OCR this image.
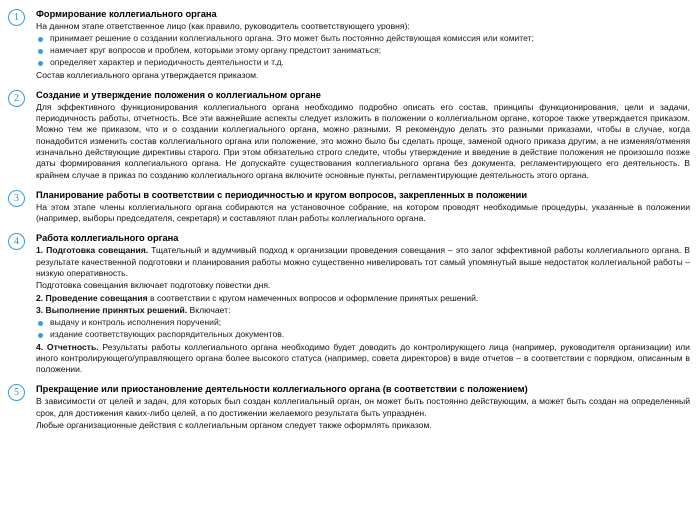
1	Формирование коллегиального органа

На данном этапе ответственное лицо (как правило, руководитель соответствующего уровня):

принимает решение о создании коллегиального органа. Это может быть постоянно действующая комиссия или комитет;
намечает круг вопросов и проблем, которыми этому органу предстоит заниматься;
определяет характер и периодичность деятельности и т.д.

Состав коллегиального органа утверждается приказом.

2	Создание и утверждение положения о коллегиальном органе

Для эффективного функционирования коллегиального органа необходимо подробно описать его состав, принципы функционирования, цели и задачи, периодичность работы, отчетность. Все эти важнейшие аспекты следует изложить в положении о коллегиальном органе, которое также утверждается приказом. Можно тем же приказом, что и о создании коллегиального органа, можно разными. Я рекомендую делать это разными приказами, чтобы в случае, когда понадобится изменить состав коллегиального органа или положение, это можно было бы сделать проще, заменой одного приказа другим, а не изменяя/отменяя изначально действующие директивы старого. При этом обязательно строго следите, чтобы утверждение и введение в действие положения не произошло позже даты формирования коллегиального органа. Не допускайте существования коллегиального органа без документа, регламентирующего его деятельность. В крайнем случае в приказ по созданию коллегиального органа включите основные пункты, регламентирующие деятельность этого органа.

3	Планирование работы в соответствии с периодичностью и кругом вопросов, закрепленных в положении

На этом этапе члены коллегиального органа собираются на установочное собрание, на котором проводят необходимые процедуры, указанные в положении (например, выборы председателя, секретаря) и составляют план работы коллегиального органа.

4	Работа коллегиального органа

1. Подготовка совещания. Тщательный и вдумчивый подход к организации проведения совещания – это залог эффективной работы коллегиального органа. В результате качественной подготовки и планирования работы можно существенно нивелировать тот самый упомянутый выше недостаток коллегиальной работы – низкую оперативность.

Подготовка совещания включает подготовку повестки дня.

2. Проведение совещания в соответствии с кругом намеченных вопросов и оформление принятых решений.

3. Выполнение принятых решений. Включает:

выдачу и контроль исполнения поручений;
издание соответствующих распорядительных документов.

4. Отчетность. Результаты работы коллегиального органа необходимо будет доводить до контролирующего лица (например, руководителя организации) или иного контролирующего/управляющего органа более высокого статуса (например, совета директоров) в виде отчетов – в соответствии с порядком, описанным в положении.

5	Прекращение или приостановление деятельности коллегиального органа (в соответствии с положением)

В зависимости от целей и задач, для которых был создан коллегиальный орган, он может быть постоянно действующим, а может быть создан на определенный срок, для достижения каких-либо целей, а по достижении желаемого результата быть упразднен.

Любые организационные действия с коллегиальным органом следует также оформлять приказом.
